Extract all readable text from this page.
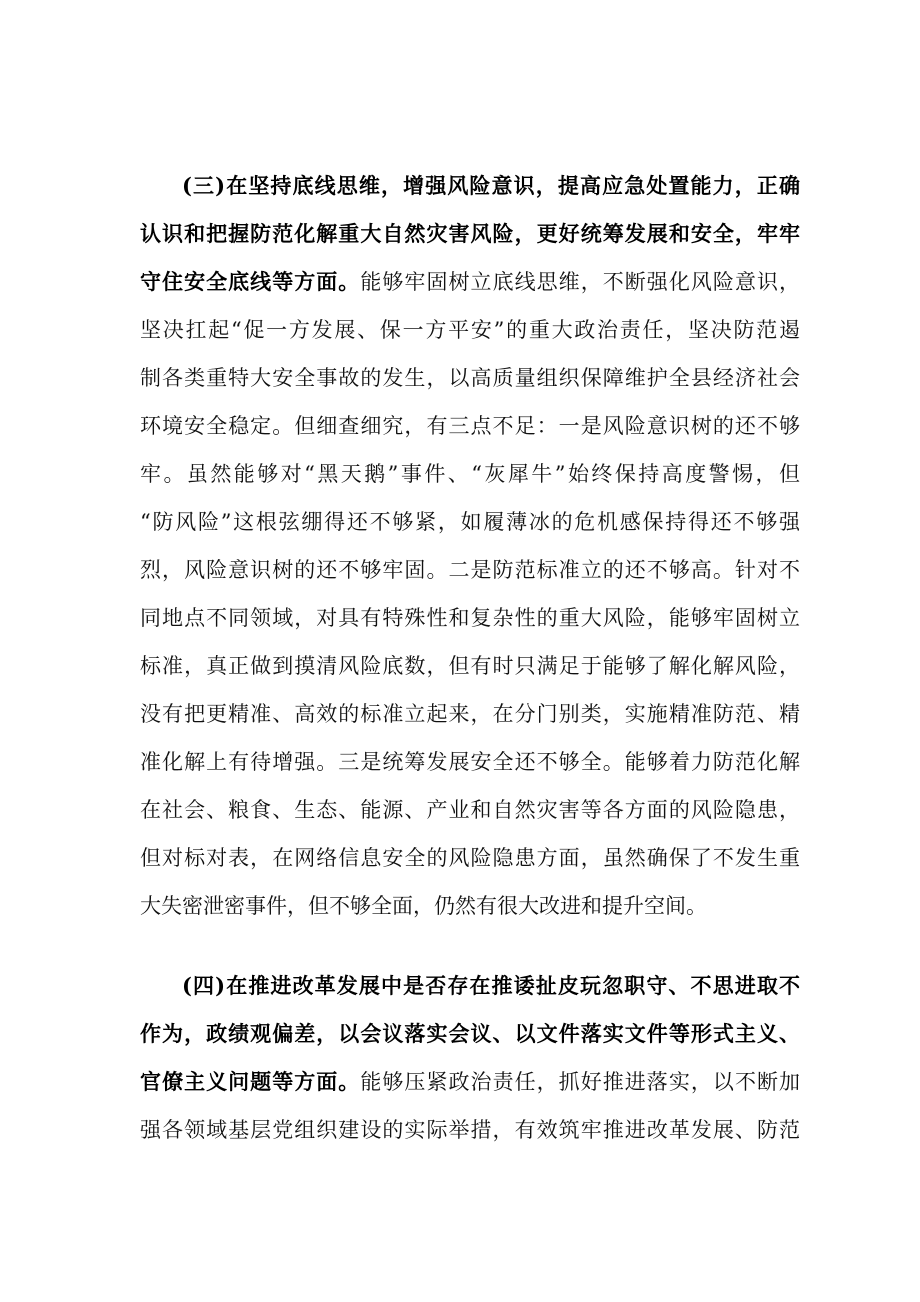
(三)在坚持底线思维，增强风险意识，提高应急处置能力，正确
认识和把握防范化解重大自然灾害风险，更好统筹发展和安全，牢牢
守住安全底线等方面。能够牢固树立底线思维，不断强化风险意识，
坚决扛起“促一方发展、保一方平安”的重大政治责任，坚决防范遏
制各类重特大安全事故的发生，以高质量组织保障维护全县经济社会
环境安全稳定。但细查细究，有三点不足：一是风险意识树的还不够
牢。虽然能够对“黑天鹅”事件、“灰犀牛”始终保持高度警惕，但
“防风险”这根弦绷得还不够紧，如履薄冰的危机感保持得还不够强
烈，风险意识树的还不够牢固。二是防范标准立的还不够高。针对不
同地点不同领域，对具有特殊性和复杂性的重大风险，能够牢固树立
标准，真正做到摸清风险底数，但有时只满足于能够了解化解风险，
没有把更精准、高效的标准立起来，在分门别类，实施精准防范、精
准化解上有待增强。三是统筹发展安全还不够全。能够着力防范化解
在社会、粮食、生态、能源、产业和自然灾害等各方面的风险隐患，
但对标对表，在网络信息安全的风险隐患方面，虽然确保了不发生重
大失密泄密事件，但不够全面，仍然有很大改进和提升空间。
(四)在推进改革发展中是否存在推诿扯皮玩忽职守、不思进取不
作为，政绩观偏差，以会议落实会议、以文件落实文件等形式主义、
官僚主义问题等方面。能够压紧政治责任，抓好推进落实，以不断加
强各领域基层党组织建设的实际举措，有效筑牢推进改革发展、防范
